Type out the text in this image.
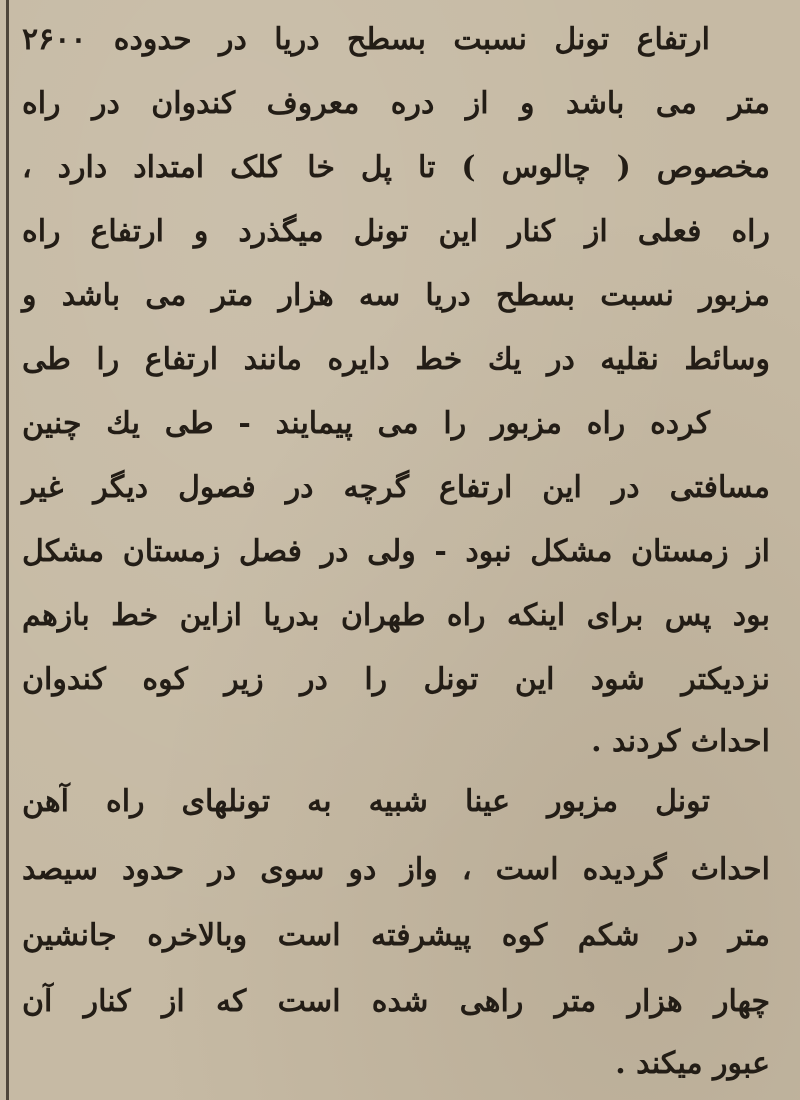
ارتفاع تونل نسبت بسطح دریا در حدوده ۲۶۰۰
متر می باشد و از دره معروف کندوان در راه
مخصوص ( چالوس ) تا پل خا کلک امتداد دارد ،
راه فعلی از کنار این تونل میگذرد و ارتفاع راه
مزبور نسبت بسطح دریا سه هزار متر می باشد و
وسائط نقلیه در یك خط دایره مانند ارتفاع را طی
کرده راه مزبور را می پیمایند - طی یك چنین
مسافتی در این ارتفاع گرچه در فصول دیگر غیر
از زمستان مشکل نبود - ولی در فصل زمستان مشکل
بود پس برای اینکه راه طهران بدریا ازاین خط بازهم
نزدیکتر شود این تونل را در زیر کوه کندوان
احداث کردند .
تونل مزبور عینا شبیه به تونلهای راه آهن
احداث گردیده است ، واز دو سوی در حدود سیصد
متر در شکم کوه پیشرفته است وبالاخره جانشین
چهار هزار متر راهی شده است که از کنار آن
عبور میکند .
